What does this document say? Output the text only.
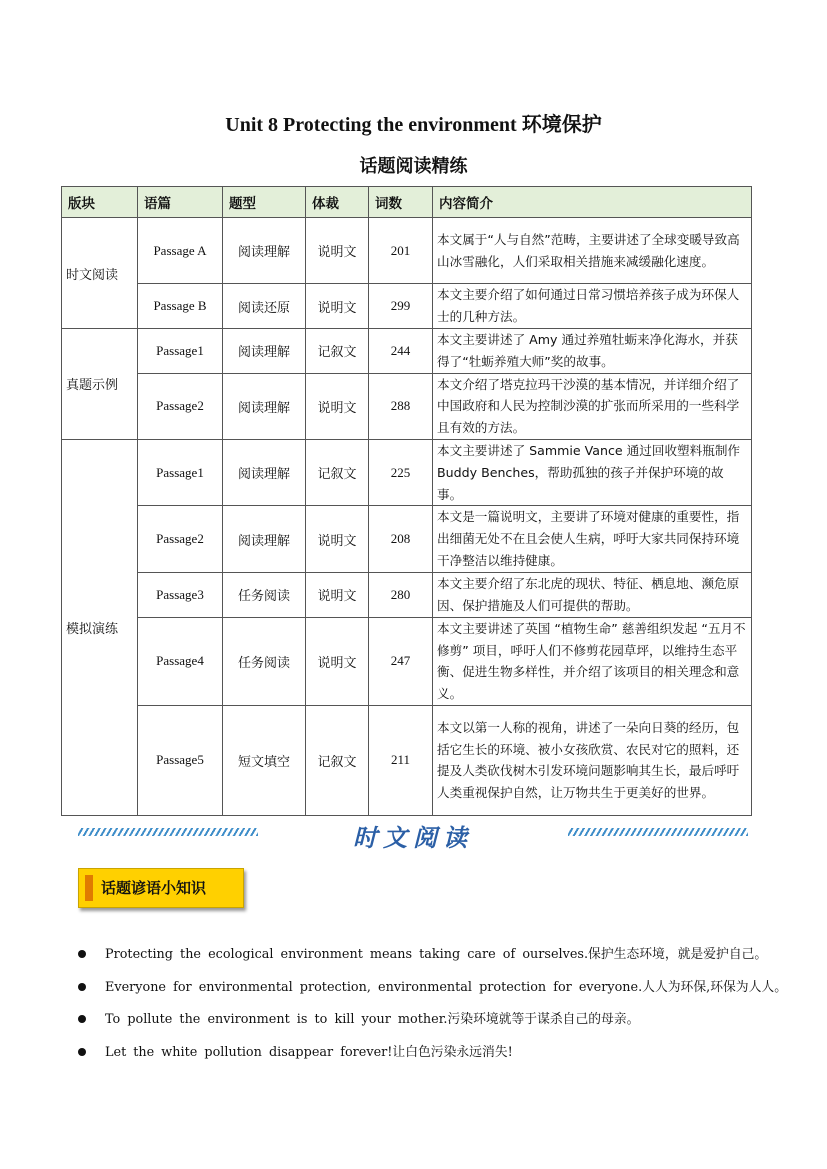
Unit 8 Protecting the environment 环境保护
话题阅读精练
版块	语篇	题型	体裁	词数	内容简介
时文阅读	Passage A	阅读理解	说明文	201	本文属于“人与自然”范畴，主要讲述了全球变暖导致高山冰雪融化，人们采取相关措施来减缓融化速度。
	Passage B	阅读还原	说明文	299	本文主要介绍了如何通过日常习惯培养孩子成为环保人士的几种方法。
真题示例	Passage1	阅读理解	记叙文	244	本文主要讲述了 Amy 通过养殖牡蛎来净化海水，并获得了“牡蛎养殖大师”奖的故事。
	Passage2	阅读理解	说明文	288	本文介绍了塔克拉玛干沙漠的基本情况，并详细介绍了中国政府和人民为控制沙漠的扩张而所采用的一些科学且有效的方法。
模拟演练	Passage1	阅读理解	记叙文	225	本文主要讲述了 Sammie Vance 通过回收塑料瓶制作 Buddy Benches，帮助孤独的孩子并保护环境的故事。
	Passage2	阅读理解	说明文	208	本文是一篇说明文，主要讲了环境对健康的重要性，指出细菌无处不在且会使人生病，呼吁大家共同保持环境干净整洁以维持健康。
	Passage3	任务阅读	说明文	280	本文主要介绍了东北虎的现状、特征、栖息地、濒危原因、保护措施及人们可提供的帮助。
	Passage4	任务阅读	说明文	247	本文主要讲述了英国 “植物生命” 慈善组织发起 “五月不修剪” 项目，呼吁人们不修剪花园草坪，以维持生态平衡、促进生物多样性，并介绍了该项目的相关理念和意义。
	Passage5	短文填空	记叙文	211	本文以第一人称的视角，讲述了一朵向日葵的经历，包括它生长的环境、被小女孩欣赏、农民对它的照料，还提及人类砍伐树木引发环境问题影响其生长，最后呼吁人类重视保护自然，让万物共生于更美好的世界。
时文阅读
话题谚语小知识
Protecting the ecological environment means taking care of ourselves.保护生态环境，就是爱护自己。
Everyone for environmental protection, environmental protection for everyone.人人为环保,环保为人人。
To pollute the environment is to kill your mother.污染环境就等于谋杀自己的母亲。
Let the white pollution disappear forever!让白色污染永远消失!
